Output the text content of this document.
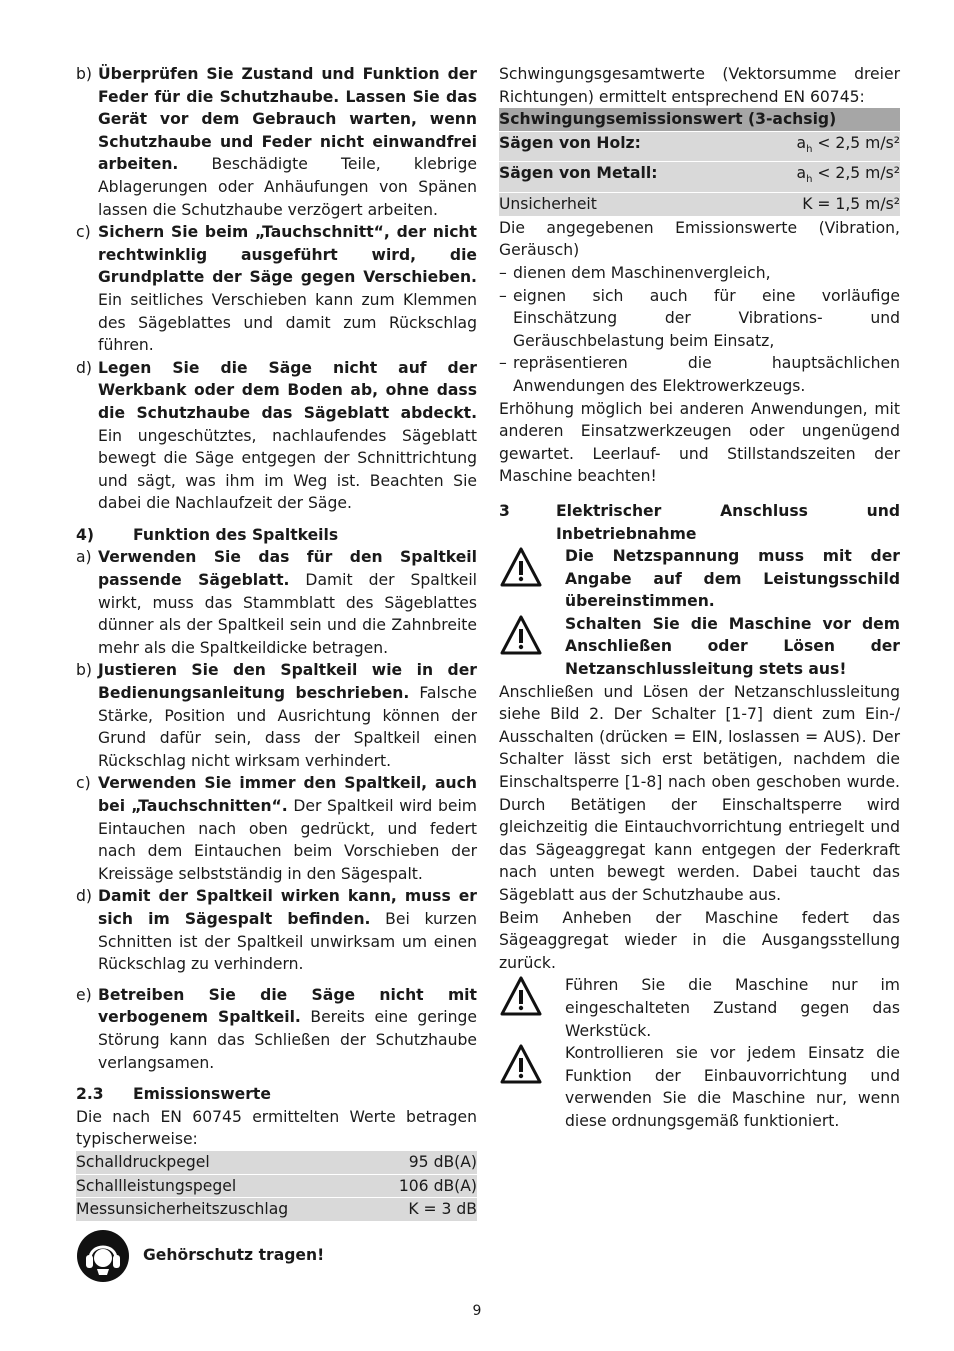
b) Überprüfen Sie Zustand und Funktion der Feder für die Schutzhaube. Lassen Sie das Gerät vor dem Gebrauch warten, wenn Schutzhaube und Feder nicht einwandfrei arbeiten. Beschädigte Teile, klebrige Ablagerungen oder Anhäufungen von Spänen lassen die Schutzhaube verzögert arbeiten.

c) Sichern Sie beim „Tauchschnitt“, der nicht rechtwinklig ausgeführt wird, die Grundplatte der Säge gegen Verschieben. Ein seitliches Verschieben kann zum Klemmen des Sägeblattes und damit zum Rückschlag führen.

d) Legen Sie die Säge nicht auf der Werkbank oder dem Boden ab, ohne dass die Schutzhaube das Sägeblatt abdeckt. Ein ungeschütztes, nachlaufendes Sägeblatt bewegt die Säge entgegen der Schnittrichtung und sägt, was ihm im Weg ist. Beachten Sie dabei die Nachlaufzeit der Säge.

4)	Funktion des Spaltkeils
a) Verwenden Sie das für den Spaltkeil passende Sägeblatt. Damit der Spaltkeil wirkt, muss das Stammblatt des Sägeblattes dünner als der Spaltkeil sein und die Zahnbreite mehr als die Spaltkeildicke betragen.

b) Justieren Sie den Spaltkeil wie in der Bedienungsanleitung beschrieben. Falsche Stärke, Position und Ausrichtung können der Grund dafür sein, dass der Spaltkeil einen Rückschlag nicht wirksam verhindert.

c) Verwenden Sie immer den Spaltkeil, auch bei „Tauchschnitten“. Der Spaltkeil wird beim Eintauchen nach oben gedrückt, und federt nach dem Eintauchen beim Vorschieben der Kreissäge selbstständig in den Sägespalt.

d) Damit der Spaltkeil wirken kann, muss er sich im Sägespalt befinden. Bei kurzen Schnitten ist der Spaltkeil unwirksam um einen Rückschlag zu verhindern.

e) Betreiben Sie die Säge nicht mit verbogenem Spaltkeil. Bereits eine geringe Störung kann das Schließen der Schutzhaube verlangsamen.

2.3	Emissionswerte

Die nach EN 60745 ermittelten Werte betragen typischerweise:

Schalldruckpegel	95 dB(A)
Schallleistungspegel	106 dB(A)
Messunsicherheitszuschlag	K = 3 dB
Gehörschutz tragen!

Schwingungsgesamtwerte (Vektorsumme dreier Richtungen) ermittelt entsprechend EN 60745:

Schwingungsemissionswert (3-achsig)
Sägen von Holz:	$a_h < 2,5$ m/s²
Sägen von Metall:	$a_h < 2,5$ m/s²
Unsicherheit	K = 1,5 m/s²

Die angegebenen Emissionswerte (Vibration, Geräusch)

– dienen dem Maschinenvergleich,

– eignen sich auch für eine vorläufige Einschätzung der Vibrations- und Geräuschbelastung beim Einsatz,

– repräsentieren die hauptsächlichen Anwendungen des Elektrowerkzeugs.

Erhöhung möglich bei anderen Anwendungen, mit anderen Einsatzwerkzeugen oder ungenügend gewartet. Leerlauf- und Stillstandszeiten der Maschine beachten!

3	Elektrischer Anschluss und Inbetriebnahme

Die Netzspannung muss mit der Angabe auf dem Leistungsschild übereinstimmen.

Schalten Sie die Maschine vor dem Anschließen oder Lösen der Netzanschlussleitung stets aus!

Anschließen und Lösen der Netzanschlussleitung siehe Bild 2. Der Schalter [1-7] dient zum Ein-/ Ausschalten (drücken = EIN, loslassen = AUS). Der Schalter lässt sich erst betätigen, nachdem die Einschaltsperre [1-8] nach oben geschoben wurde. Durch Betätigen der Einschaltsperre wird gleichzeitig die Eintauchvorrichtung entriegelt und das Sägeaggregat kann entgegen der Federkraft nach unten bewegt werden. Dabei taucht das Sägeblatt aus der Schutzhaube aus.

Beim Anheben der Maschine federt das Sägeaggregat wieder in die Ausgangsstellung zurück.

Führen Sie die Maschine nur im eingeschalteten Zustand gegen das Werkstück.

Kontrollieren sie vor jedem Einsatz die Funktion der Einbauvorrichtung und verwenden Sie die Maschine nur, wenn diese ordnungsgemäß funktioniert.

9
